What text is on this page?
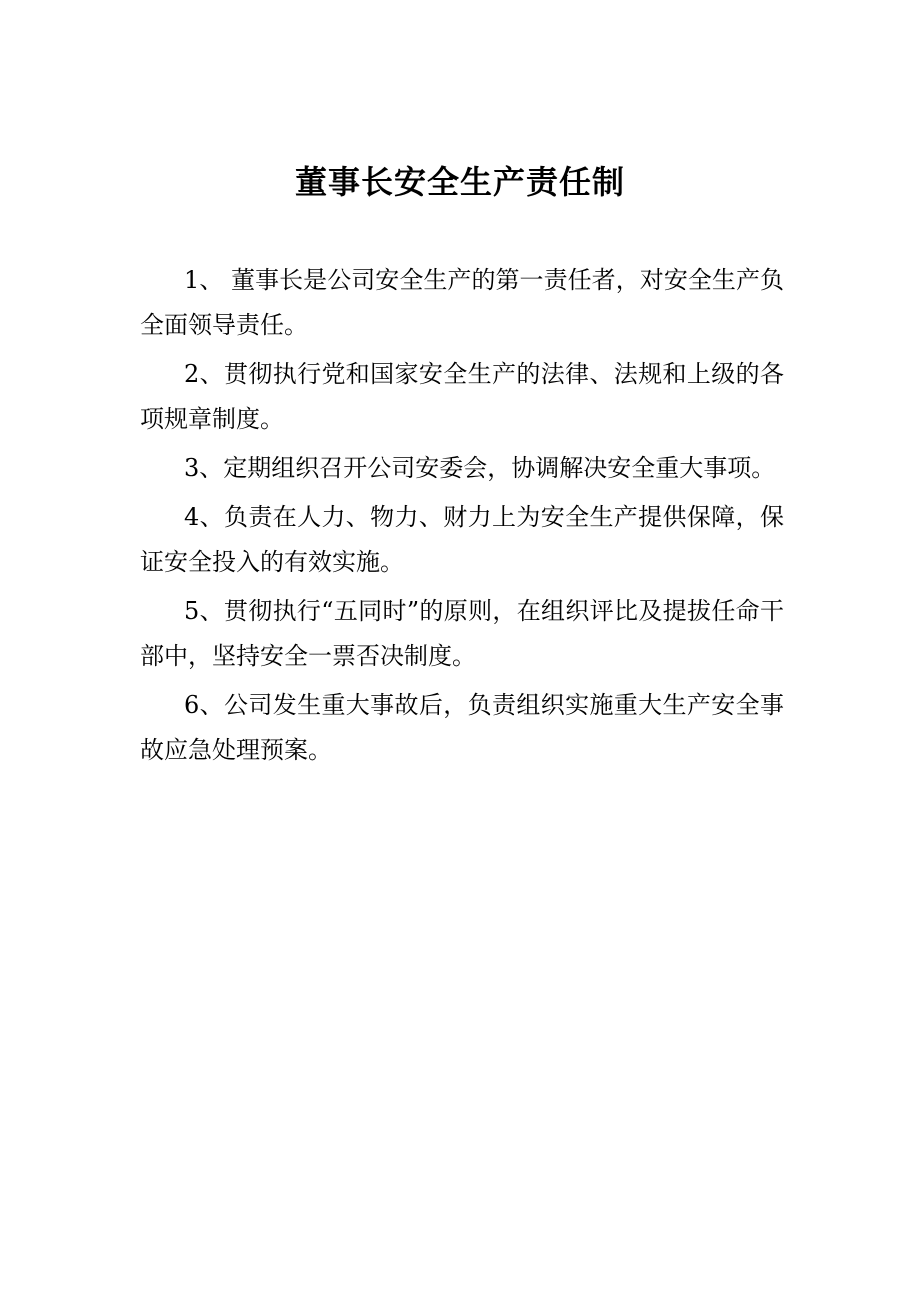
董事长安全生产责任制

1、 董事长是公司安全生产的第一责任者，对安全生产负全面领导责任。

2、贯彻执行党和国家安全生产的法律、法规和上级的各项规章制度。

3、定期组织召开公司安委会，协调解决安全重大事项。

4、负责在人力、物力、财力上为安全生产提供保障，保证安全投入的有效实施。

5、贯彻执行“五同时”的原则，在组织评比及提拔任命干部中，坚持安全一票否决制度。

6、公司发生重大事故后，负责组织实施重大生产安全事故应急处理预案。
